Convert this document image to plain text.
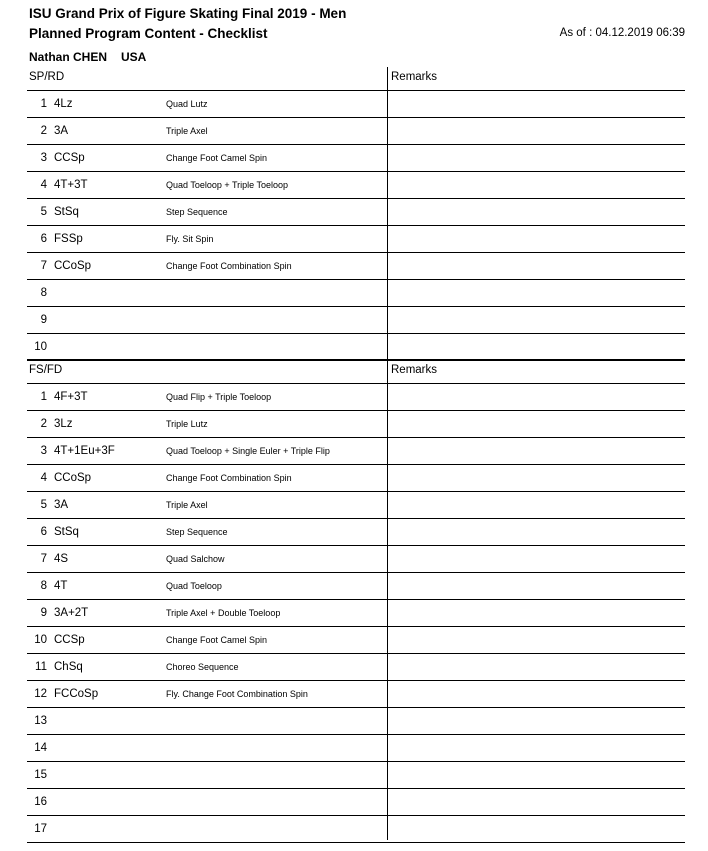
ISU Grand Prix of Figure Skating Final 2019 - Men
Planned Program Content - Checklist	As of : 04.12.2019 06:39
Nathan CHEN USA
SP/RD	Remarks
1 4Lz	Quad Lutz
2 3A	Triple Axel
3 CCSp	Change Foot Camel Spin
4 4T+3T	Quad Toeloop + Triple Toeloop
5 StSq	Step Sequence
6 FSSp	Fly. Sit Spin
7 CCoSp	Change Foot Combination Spin
8
9
10
FS/FD	Remarks
1 4F+3T	Quad Flip + Triple Toeloop
2 3Lz	Triple Lutz
3 4T+1Eu+3F	Quad Toeloop + Single Euler + Triple Flip
4 CCoSp	Change Foot Combination Spin
5 3A	Triple Axel
6 StSq	Step Sequence
7 4S	Quad Salchow
8 4T	Quad Toeloop
9 3A+2T	Triple Axel + Double Toeloop
10 CCSp	Change Foot Camel Spin
11 ChSq	Choreo Sequence
12 FCCoSp	Fly. Change Foot Combination Spin
13
14
15
16
17
